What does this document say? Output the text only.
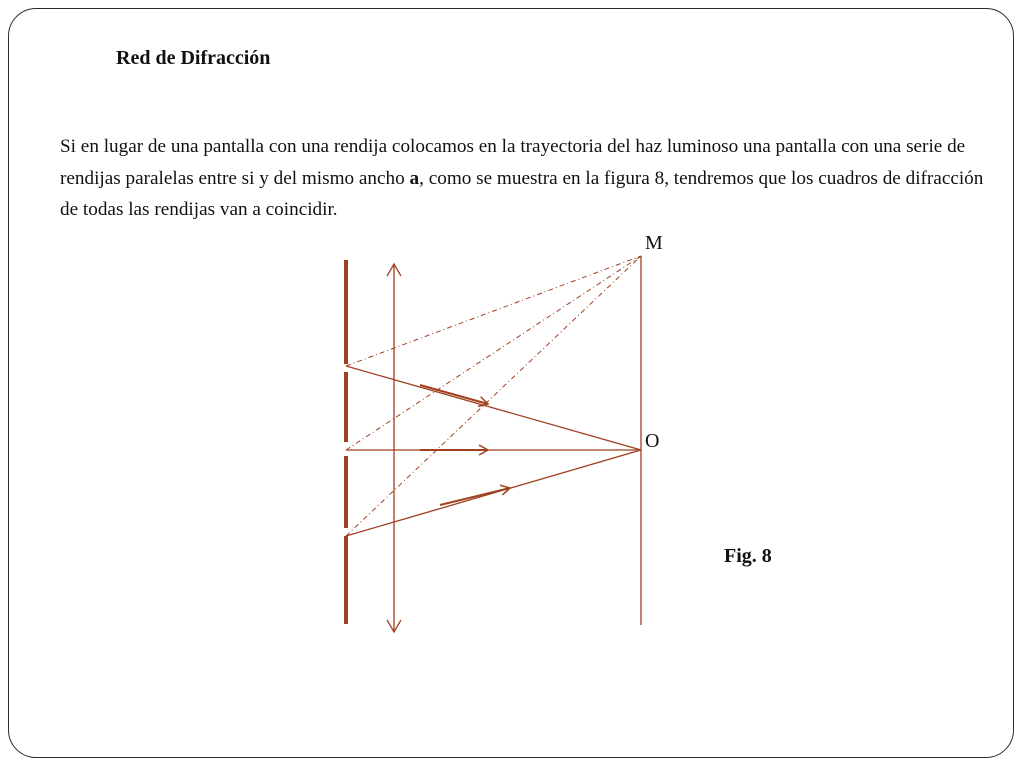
Red de Difracción

Si en lugar de una pantalla con una rendija colocamos en la trayectoria del haz luminoso una pantalla con una serie de rendijas paralelas entre si y del mismo ancho a, como se muestra en la figura 8, tendremos que los cuadros de difracción de todas las rendijas van a coincidir.

M
O
Fig. 8
